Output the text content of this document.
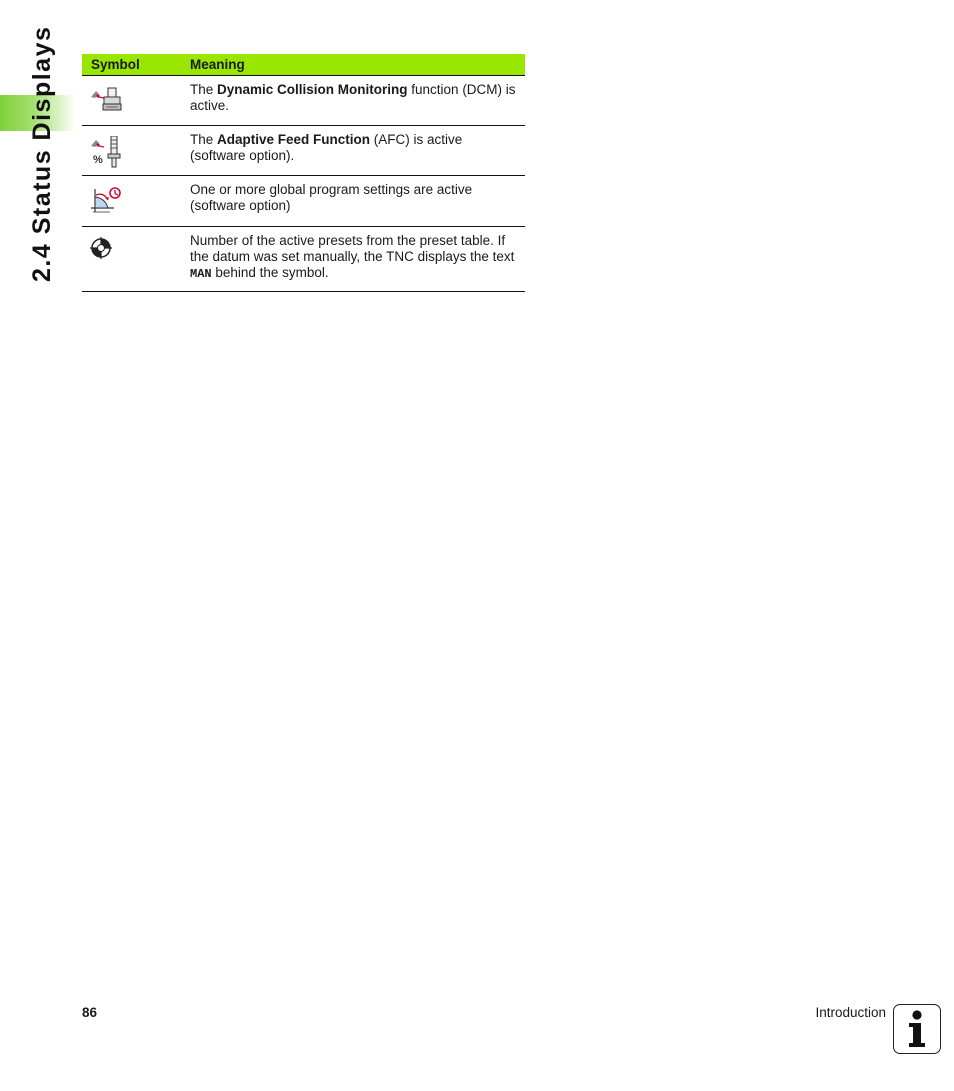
2.4 Status Displays	Symbol	Meaning
	The Dynamic Collision Monitoring function (DCM) is active.

%	The Adaptive Feed Function (AFC) is active (software option).
	One or more global program settings are active (software option)
	Number of the active presets from the preset table. If the datum was set manually, the TNC displays the text MAN behind the symbol.
86	Introduction
